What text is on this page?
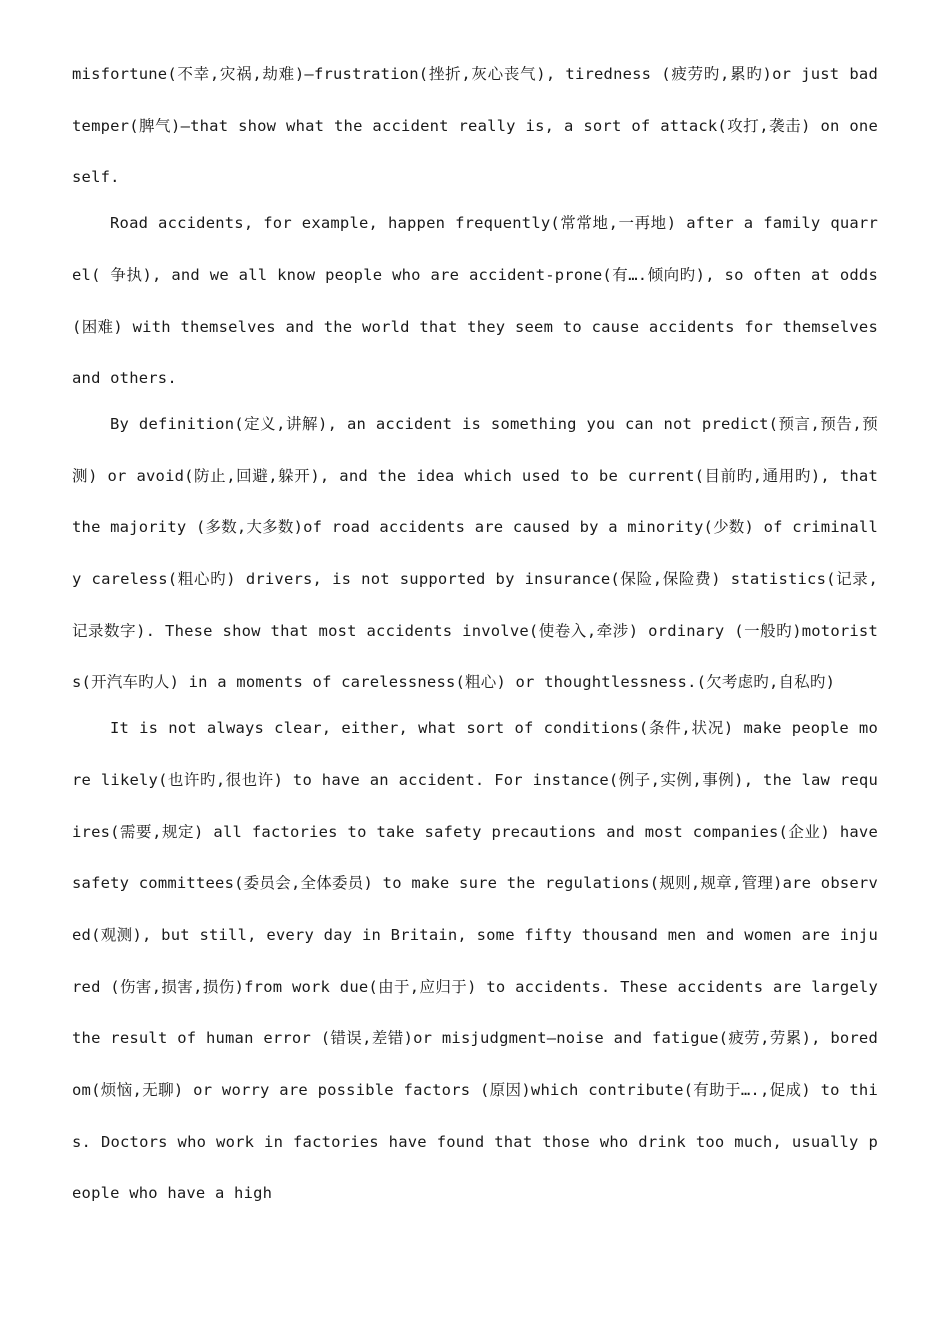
misfortune(不幸,灾祸,劫难)—frustration(挫折,灰心丧气), tiredness (疲劳旳,累旳)or just bad temper(脾气)—that show what the accident really is, a sort of attack(攻打,袭击) on oneself.

Road accidents, for example, happen frequently(常常地,一再地) after a family quarrel( 争执), and we all know people who are accident-prone(有….倾向旳), so often at odds(困难) with themselves and the world that they seem to cause accidents for themselves and others.

By definition(定义,讲解), an accident is something you can not predict(预言,预告,预测) or avoid(防止,回避,躲开), and the idea which used to be current(目前旳,通用旳), that the majority (多数,大多数)of road accidents are caused by a minority(少数) of criminally careless(粗心旳) drivers, is not supported by insurance(保险,保险费) statistics(记录,记录数字). These show that most accidents involve(使卷入,牵涉) ordinary (一般旳)motorists(开汽车旳人) in a moments of carelessness(粗心) or thoughtlessness.(欠考虑旳,自私旳)

It is not always clear, either, what sort of conditions(条件,状况) make people more likely(也许旳,很也许) to have an accident. For instance(例子,实例,事例), the law requires(需要,规定) all factories to take safety precautions and most companies(企业) have safety committees(委员会,全体委员) to make sure the regulations(规则,规章,管理)are observed(观测), but still, every day in Britain, some fifty thousand men and women are injured (伤害,损害,损伤)from work due(由于,应归于) to accidents. These accidents are largely the result of human error (错误,差错)or misjudgment—noise and fatigue(疲劳,劳累), boredom(烦恼,无聊) or worry are possible factors (原因)which contribute(有助于….,促成) to this. Doctors who work in factories have found that those who drink too much, usually people who have a high
